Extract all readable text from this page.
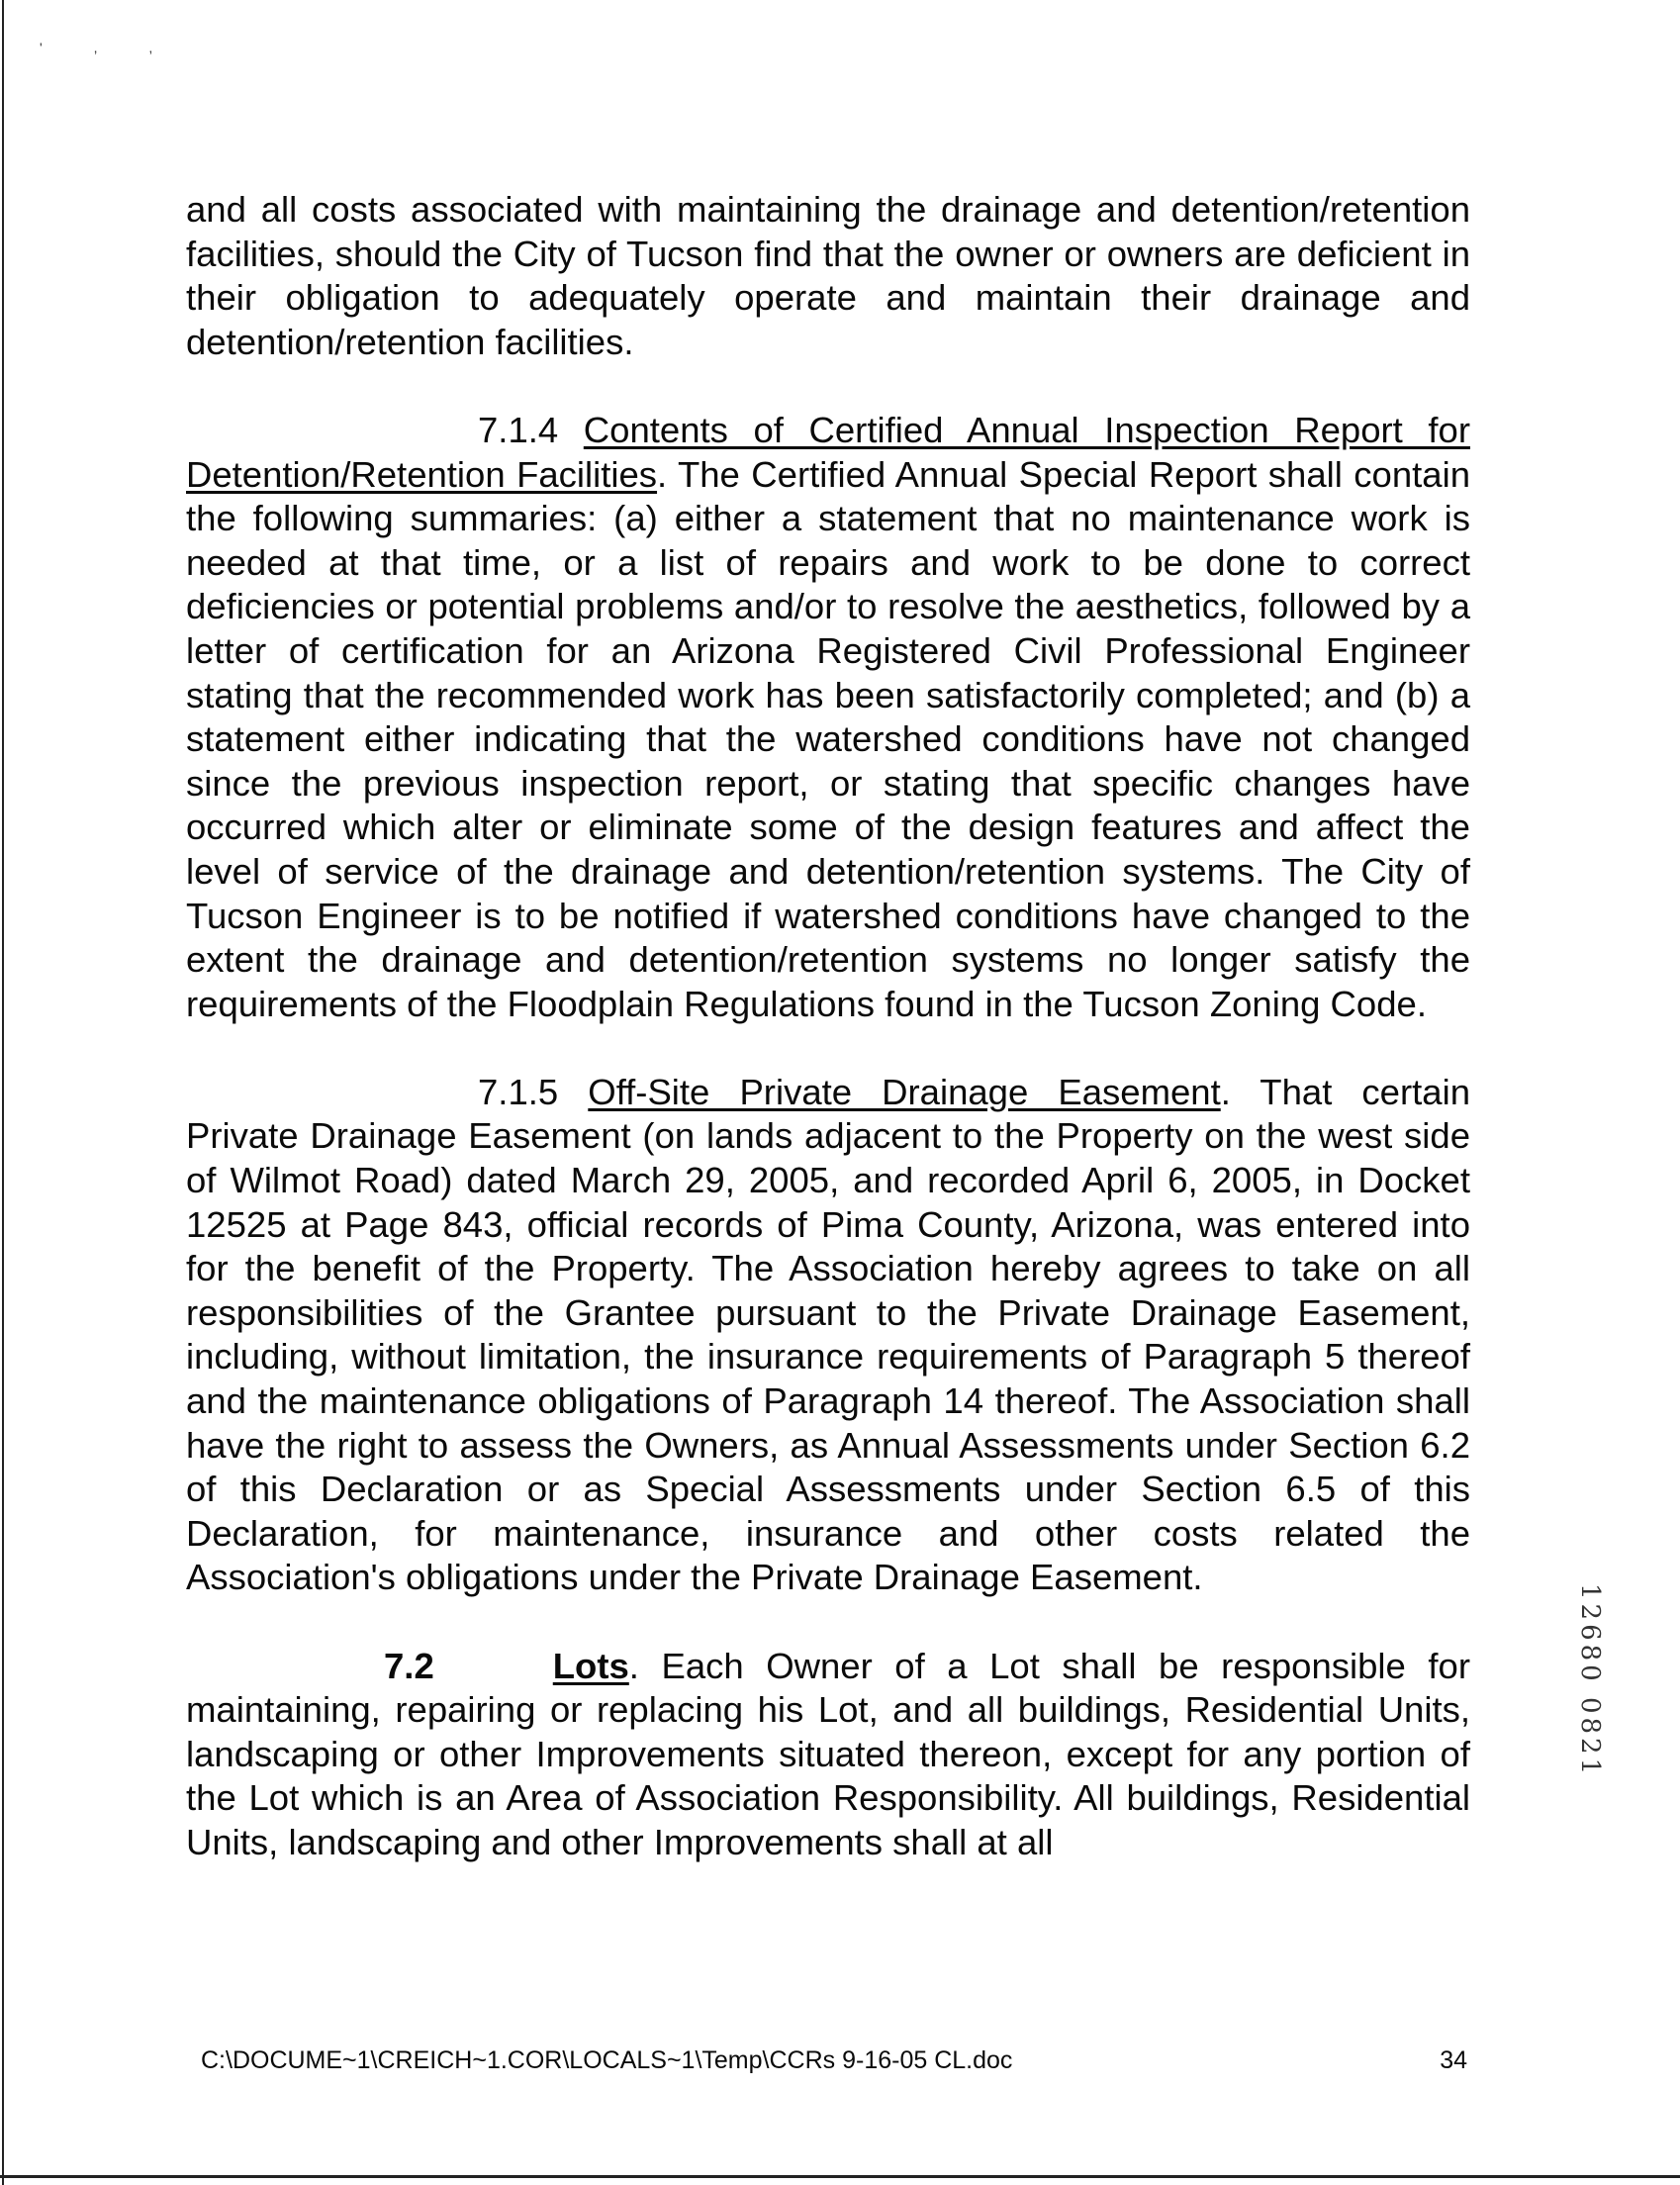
' , ,

and all costs associated with maintaining the drainage and detention/retention facilities, should the City of Tucson find that the owner or owners are deficient in their obligation to adequately operate and maintain their drainage and detention/retention facilities.

7.1.4 Contents of Certified Annual Inspection Report for Detention/Retention Facilities. The Certified Annual Special Report shall contain the following summaries: (a) either a statement that no maintenance work is needed at that time, or a list of repairs and work to be done to correct deficiencies or potential problems and/or to resolve the aesthetics, followed by a letter of certification for an Arizona Registered Civil Professional Engineer stating that the recommended work has been satisfactorily completed; and (b) a statement either indicating that the watershed conditions have not changed since the previous inspection report, or stating that specific changes have occurred which alter or eliminate some of the design features and affect the level of service of the drainage and detention/retention systems. The City of Tucson Engineer is to be notified if watershed conditions have changed to the extent the drainage and detention/retention systems no longer satisfy the requirements of the Floodplain Regulations found in the Tucson Zoning Code.

7.1.5 Off-Site Private Drainage Easement. That certain Private Drainage Easement (on lands adjacent to the Property on the west side of Wilmot Road) dated March 29, 2005, and recorded April 6, 2005, in Docket 12525 at Page 843, official records of Pima County, Arizona, was entered into for the benefit of the Property. The Association hereby agrees to take on all responsibilities of the Grantee pursuant to the Private Drainage Easement, including, without limitation, the insurance requirements of Paragraph 5 thereof and the maintenance obligations of Paragraph 14 thereof. The Association shall have the right to assess the Owners, as Annual Assessments under Section 6.2 of this Declaration or as Special Assessments under Section 6.5 of this Declaration, for maintenance, insurance and other costs related the Association's obligations under the Private Drainage Easement.

7.2	Lots. Each Owner of a Lot shall be responsible for maintaining, repairing or replacing his Lot, and all buildings, Residential Units, landscaping or other Improvements situated thereon, except for any portion of the Lot which is an Area of Association Responsibility. All buildings, Residential Units, landscaping and other Improvements shall at all

C:\DOCUME~1\CREICH~1.COR\LOCALS~1\Temp\CCRs 9-16-05 CL.doc	34
12680 0821
